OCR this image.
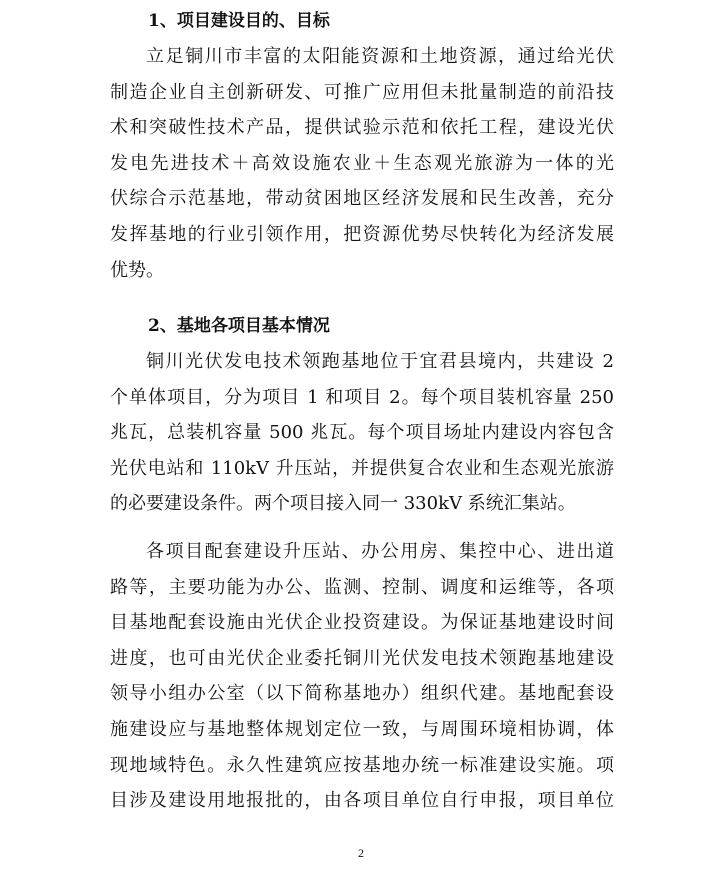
1、项目建设目的、目标
立足铜川市丰富的太阳能资源和土地资源，通过给光伏
制造企业自主创新研发、可推广应用但未批量制造的前沿技
术和突破性技术产品，提供试验示范和依托工程，建设光伏
发电先进技术＋高效设施农业＋生态观光旅游为一体的光
伏综合示范基地，带动贫困地区经济发展和民生改善，充分
发挥基地的行业引领作用，把资源优势尽快转化为经济发展
优势。
2、基地各项目基本情况
铜川光伏发电技术领跑基地位于宜君县境内，共建设 2
个单体项目，分为项目 1 和项目 2。每个项目装机容量 250
兆瓦，总装机容量 500 兆瓦。每个项目场址内建设内容包含
光伏电站和 110kV 升压站，并提供复合农业和生态观光旅游
的必要建设条件。两个项目接入同一 330kV 系统汇集站。
各项目配套建设升压站、办公用房、集控中心、进出道
路等，主要功能为办公、监测、控制、调度和运维等，各项
目基地配套设施由光伏企业投资建设。为保证基地建设时间
进度，也可由光伏企业委托铜川光伏发电技术领跑基地建设
领导小组办公室（以下简称基地办）组织代建。基地配套设
施建设应与基地整体规划定位一致，与周围环境相协调，体
现地域特色。永久性建筑应按基地办统一标准建设实施。项
目涉及建设用地报批的，由各项目单位自行申报，项目单位
2
